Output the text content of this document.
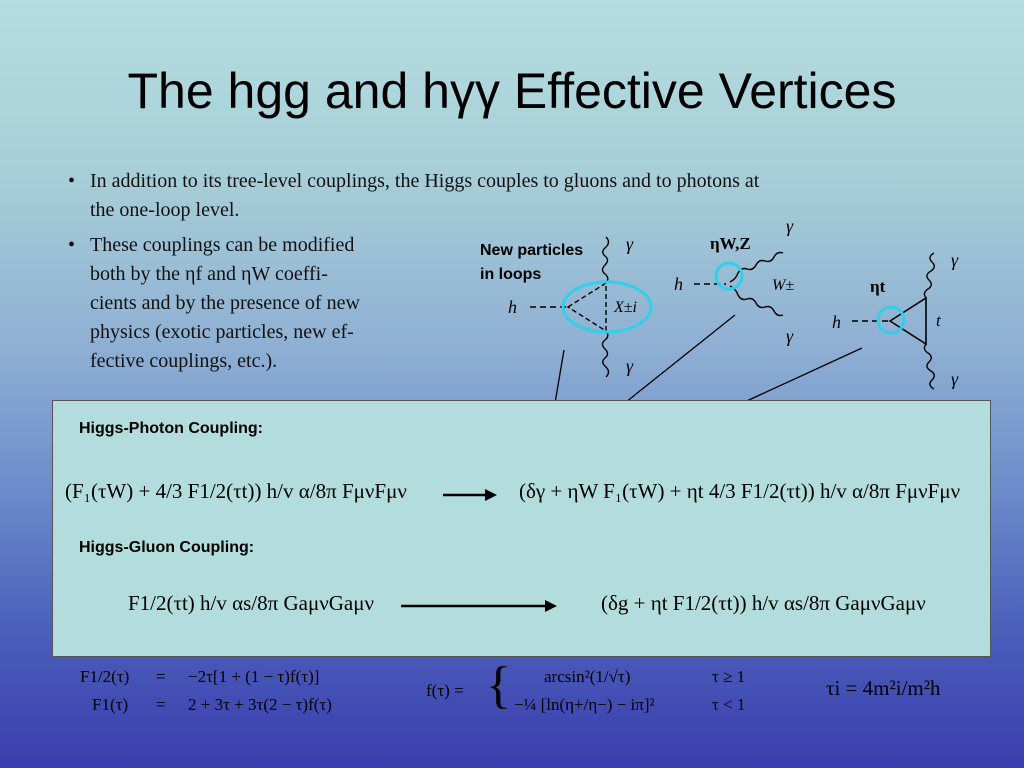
The hgg and hγγ Effective Vertices
• In addition to its tree-level couplings, the Higgs couples to gluons and to photons at
the one-loop level.
• These couplings can be modified
both by the ηf and ηW coeffi-
cients and by the presence of new
physics (exotic particles, new ef-
fective couplings, etc.).
New particles
in loops
ηW,Z
ηt
h
γ
γ
X±i
h
γ
γ
W±
h
γ
γ
t
Higgs-Photon Coupling:
(F₁(τW) + 4/3 F1/2(τt)) h/v α/8π FμνFμν	(δγ + ηW F₁(τW) + ηt 4/3 F1/2(τt)) h/v α/8π FμνFμν
Higgs-Gluon Coupling:
F1/2(τt) h/v αs/8π GaμνGaμν	(δg + ηt F1/2(τt)) h/v αs/8π GaμνGaμν
F1/2(τ) = −2τ[1 + (1 − τ)f(τ)]
F1(τ) = 2 + 3τ + 3τ(2 − τ)f(τ)
f(τ) = { arcsin²(1/√τ)	τ ≥ 1
−¼ [ln(η+/η−) − iπ]²	τ < 1
τi = 4m²i/m²h
